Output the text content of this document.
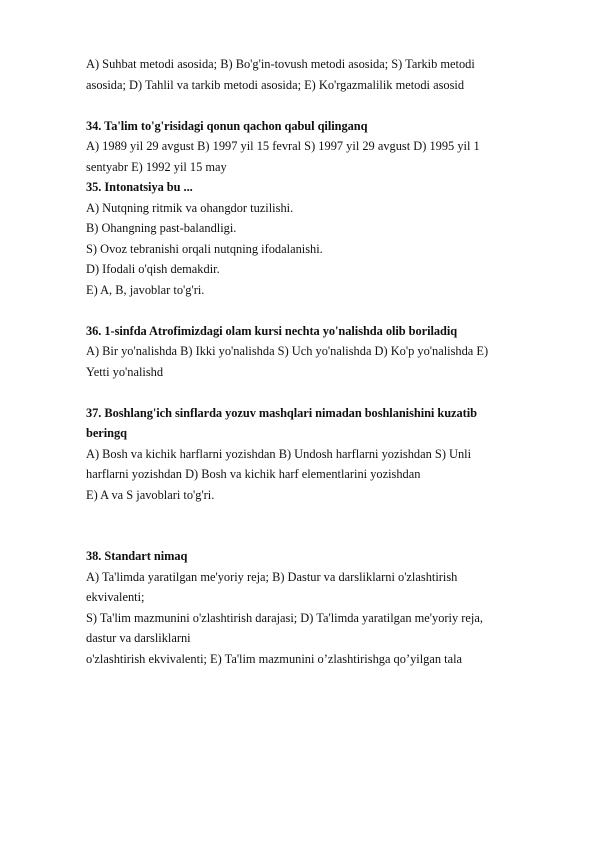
A) Suhbat metodi asosida; B) Bo'g'in-tovush metodi asosida; S) Tarkib metodi
asosida; D) Tahlil va tarkib metodi asosida; E) Ko'rgazmalilik metodi asosid
34. Ta'lim to'g'risidagi qonun qachon qabul qilinganq
A) 1989 yil 29 avgust B) 1997 yil 15 fevral S) 1997 yil 29 avgust D) 1995 yil 1
sentyabr E) 1992 yil 15 may
35. Intonatsiya bu ...
A) Nutqning ritmik va ohangdor tuzilishi.
B) Ohangning past-balandligi.
S) Ovoz tebranishi orqali nutqning ifodalanishi.
D) Ifodali o'qish demakdir.
E) A, B, javoblar to'g'ri.
36. 1-sinfda Atrofimizdagi olam kursi nechta yo'nalishda olib boriladiq
A) Bir yo'nalishda B) Ikki yo'nalishda S) Uch yo'nalishda D) Ko'p yo'nalishda E)
Yetti yo'nalishd
37. Boshlang'ich sinflarda yozuv mashqlari nimadan boshlanishini kuzatib
beringq
A) Bosh va kichik harflarni yozishdan B) Undosh harflarni yozishdan S) Unli
harflarni yozishdan D) Bosh va kichik harf elementlarini yozishdan
E) A va S javoblari to'g'ri.
38. Standart nimaq
A) Ta'limda yaratilgan me'yoriy reja; B) Dastur va darsliklarni o'zlashtirish
ekvivalenti;
S) Ta'lim mazmunini o'zlashtirish darajasi; D) Ta'limda yaratilgan me'yoriy reja,
dastur va darsliklarni
o'zlashtirish ekvivalenti; E) Ta'lim mazmunini o’zlashtirishga qo’yilgan tala
